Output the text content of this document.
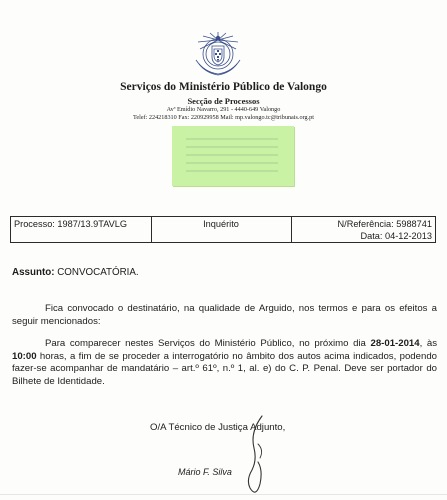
Serviços do Ministério Público de Valongo
Secção de Processos
Avª Emídio Navarro, 291 - 4440-649 Valongo
Telef: 224218310 Fax: 220929958 Mail: mp.valongo.tc@tribunais.org.pt
Processo: 1987/13.9TAVLG	Inquérito	N/Referência: 5988741
Data: 04-12-2013
Assunto: CONVOCATÓRIA.
Fica convocado o destinatário, na qualidade de Arguido, nos termos e para os efeitos a seguir mencionados:
Para comparecer nestes Serviços do Ministério Público, no próximo dia 28-01-2014, às 10:00 horas, a fim de se proceder a interrogatório no âmbito dos autos acima indicados, podendo fazer-se acompanhar de mandatário – art.º 61º, n.º 1, al. e) do C. P. Penal. Deve ser portador do Bilhete de Identidade.
O/A Técnico de Justiça Adjunto,
Mário F. Silva
